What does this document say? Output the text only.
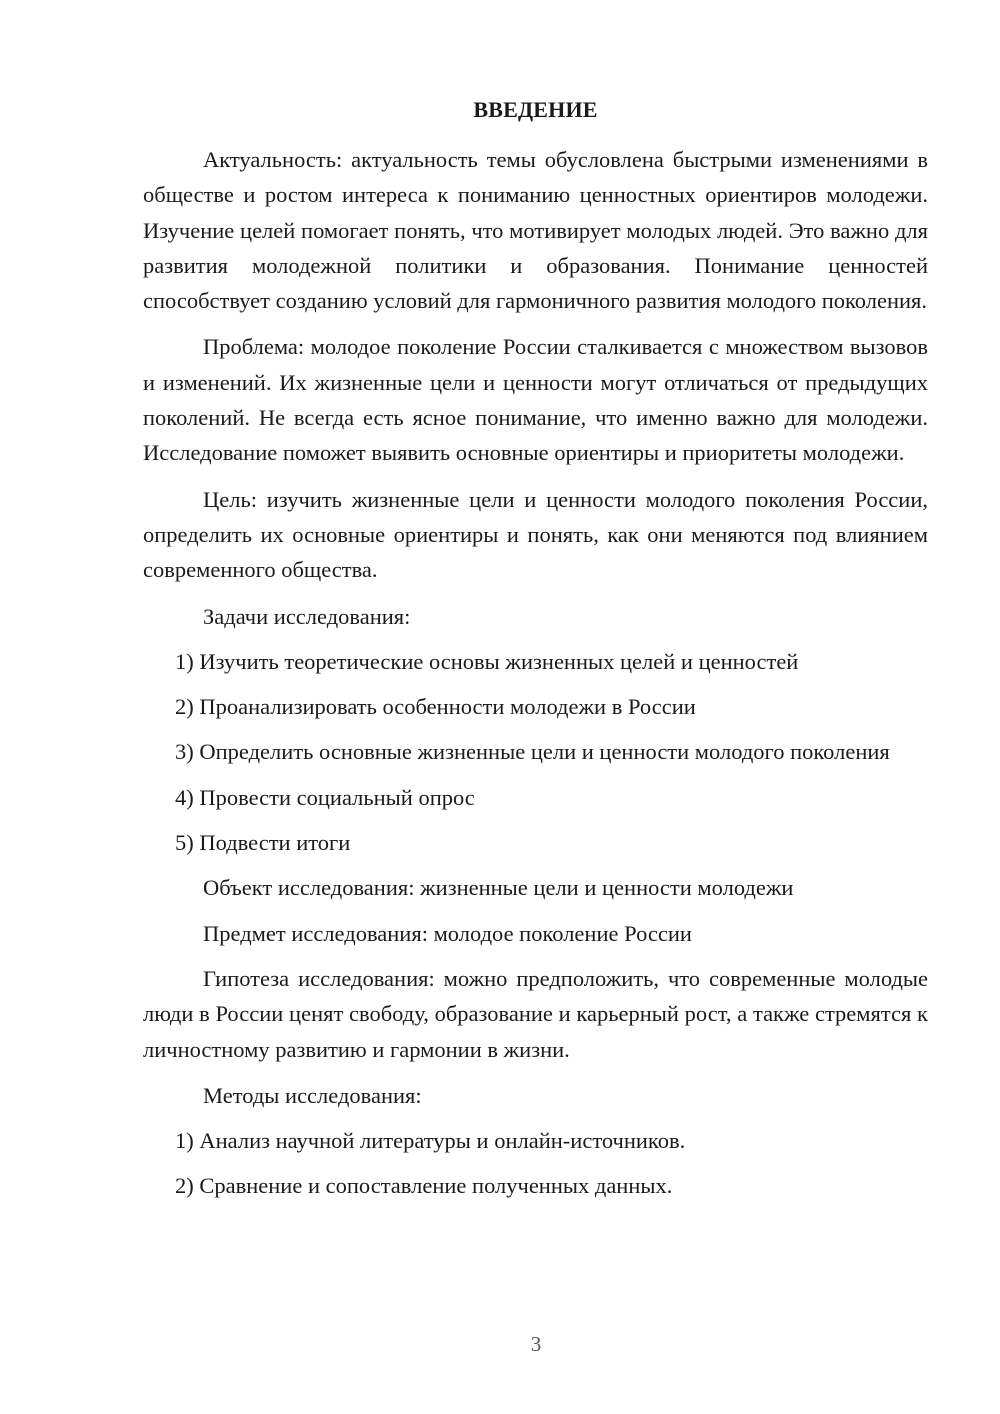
ВВЕДЕНИЕ

Актуальность: актуальность темы обусловлена быстрыми изменениями в обществе и ростом интереса к пониманию ценностных ориентиров молодежи. Изучение целей помогает понять, что мотивирует молодых людей. Это важно для развития молодежной политики и образования. Понимание ценностей способствует созданию условий для гармоничного развития молодого поколения.

Проблема: молодое поколение России сталкивается с множеством вызовов и изменений. Их жизненные цели и ценности могут отличаться от предыдущих поколений. Не всегда есть ясное понимание, что именно важно для молодежи. Исследование поможет выявить основные ориентиры и приоритеты молодежи.

Цель: изучить жизненные цели и ценности молодого поколения России, определить их основные ориентиры и понять, как они меняются под влиянием современного общества.

Задачи исследования:

1) Изучить теоретические основы жизненных целей и ценностей

2) Проанализировать особенности молодежи в России

3) Определить основные жизненные цели и ценности молодого поколения

4) Провести социальный опрос

5) Подвести итоги

Объект исследования: жизненные цели и ценности молодежи

Предмет исследования: молодое поколение России

Гипотеза исследования: можно предположить, что современные молодые люди в России ценят свободу, образование и карьерный рост, а также стремятся к личностному развитию и гармонии в жизни.

Методы исследования:

1) Анализ научной литературы и онлайн-источников.

2) Сравнение и сопоставление полученных данных.

3
